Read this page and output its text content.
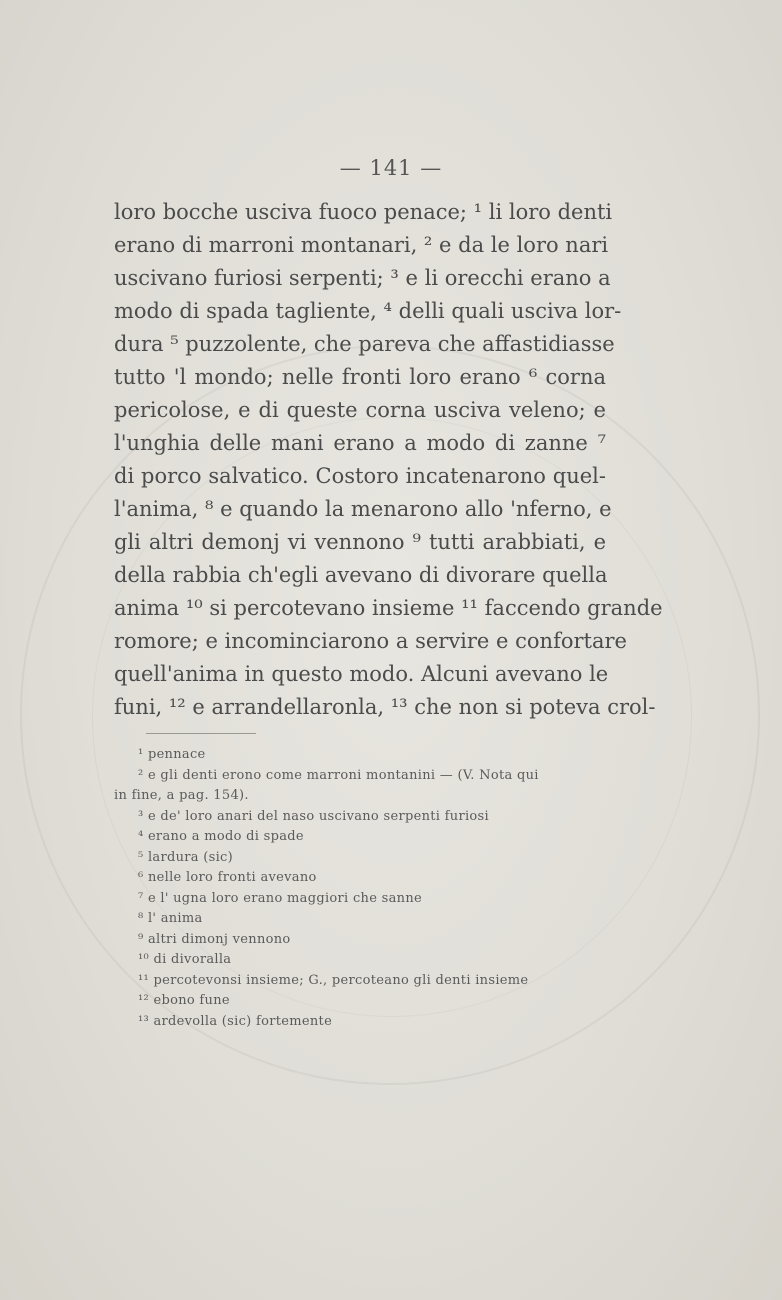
— 141 —
loro bocche usciva fuoco penace; ¹ li loro denti
erano di marroni montanari, ² e da le loro nari
uscivano furiosi serpenti; ³ e li orecchi erano a
modo di spada tagliente, ⁴ delli quali usciva lor-
dura ⁵ puzzolente, che pareva che affastidiasse
tutto 'l mondo; nelle fronti loro erano ⁶ corna
pericolose, e di queste corna usciva veleno; e
l'unghia delle mani erano a modo di zanne ⁷
di porco salvatico. Costoro incatenarono quel-
l'anima, ⁸ e quando la menarono allo 'nferno, e
gli altri demonj vi vennono ⁹ tutti arabbiati, e
della rabbia ch'egli avevano di divorare quella
anima ¹⁰ si percotevano insieme ¹¹ faccendo grande
romore; e incominciarono a servire e confortare
quell'anima in questo modo. Alcuni avevano le
funi, ¹² e arrandellaronla, ¹³ che non si poteva crol-
¹ pennace
² e gli denti erono come marroni montanini — (V. Nota qui
in fine, a pag. 154).
³ e de' loro anari del naso uscivano serpenti furiosi
⁴ erano a modo di spade
⁵ lardura (sic)
⁶ nelle loro fronti avevano
⁷ e l' ugna loro erano maggiori che sanne
⁸ l' anima
⁹ altri dimonj vennono
¹⁰ di divoralla
¹¹ percotevonsi insieme; G., percoteano gli denti insieme
¹² ebono fune
¹³ ardevolla (sic) fortemente
